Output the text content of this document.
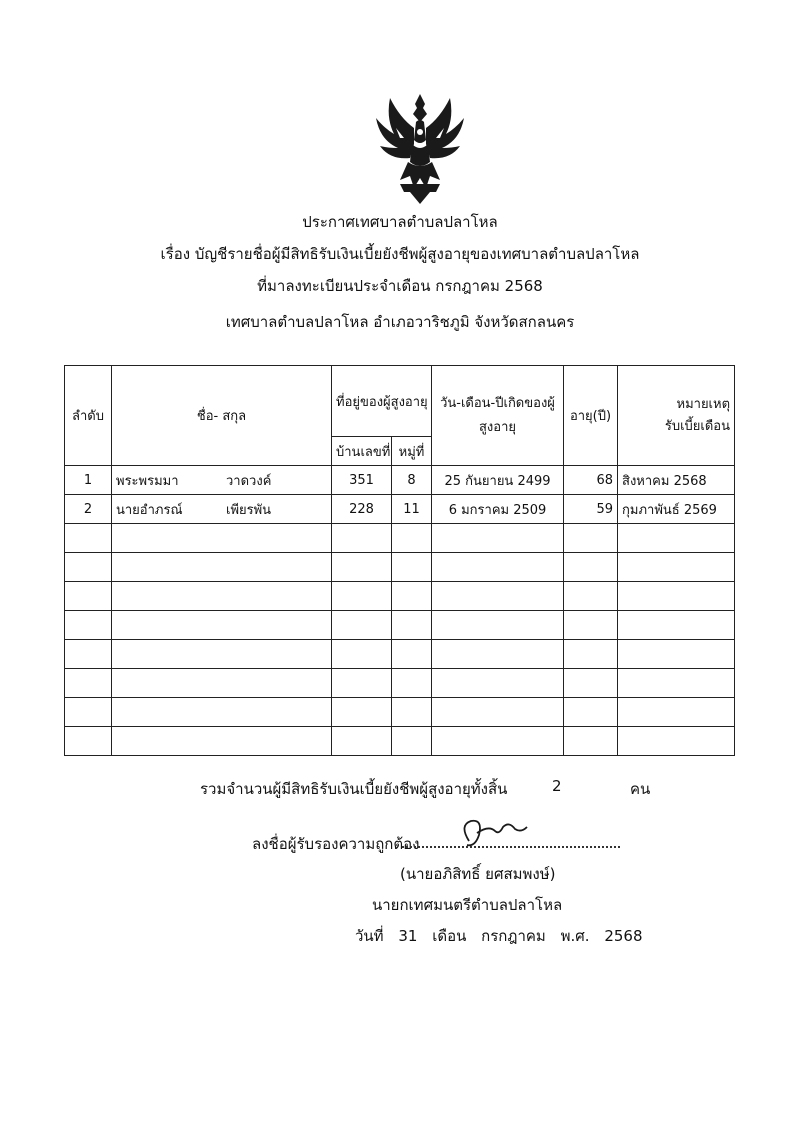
ประกาศเทศบาลตำบลปลาโหล
เรื่อง บัญชีรายชื่อผู้มีสิทธิรับเงินเบี้ยยังชีพผู้สูงอายุของเทศบาลตำบลปลาโหล
ที่มาลงทะเบียนประจำเดือน กรกฎาคม 2568
เทศบาลตำบลปลาโหล อำเภอวาริชภูมิ จังหวัดสกลนคร
ลำดับ	ชื่อ- สกุล	ที่อยู่ของผู้สูงอายุ		วัน-เดือน-ปีเกิดของผู้สูงอายุ	อายุ(ปี)	หมายเหตุ
รับเบี้ยเดือน

		บ้านเลขที่	หมู่ที่			
1	พระพรมมา วาดวงค์	351	8	25 กันยายน 2499	68	สิงหาคม 2568
2	นายอำภรณ์ เพียรพัน	228	11	6 มกราคม 2509	59	กุมภาพันธ์ 2569

รวมจำนวนผู้มีสิทธิรับเงินเบี้ยยังชีพผู้สูงอายุทั้งสิ้น	2	คน
ลงชื่อผู้รับรองความถูกต้อง
(นายอภิสิทธิ์ ยศสมพงษ์)
นายกเทศมนตรีตำบลปลาโหล
วันที่ 31 เดือน กรกฎาคม พ.ศ. 2568
